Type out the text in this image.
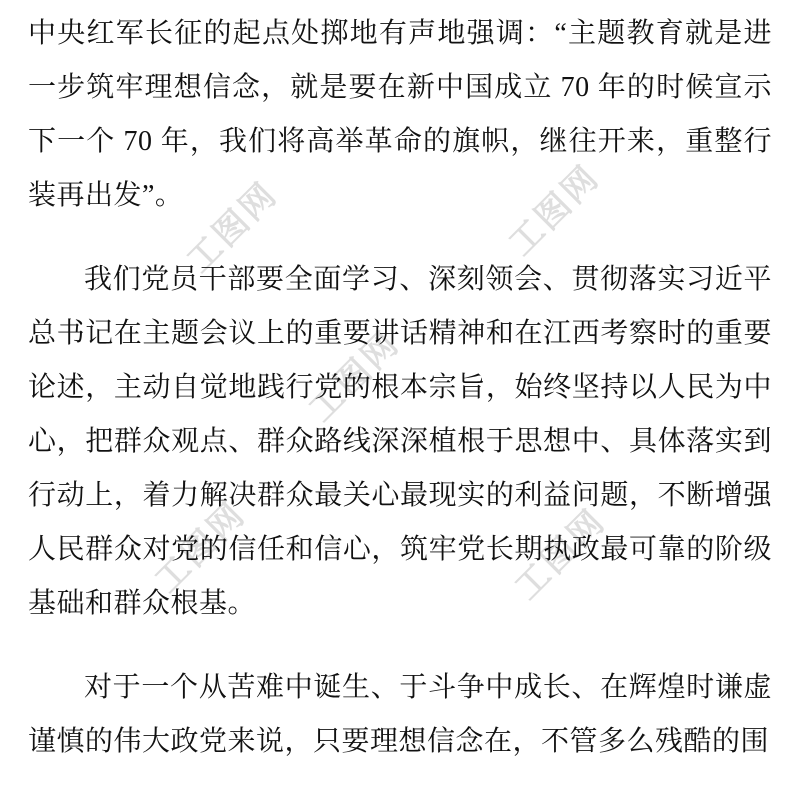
工图网	工图网
工图网
工图网	工图网

中央红军长征的起点处掷地有声地强调：“主题教育就是进一步筑牢理想信念，就是要在新中国成立 70 年的时候宣示下一个 70 年，我们将高举革命的旗帜，继往开来，重整行装再出发”。

我们党员干部要全面学习、深刻领会、贯彻落实习近平总书记在主题会议上的重要讲话精神和在江西考察时的重要论述，主动自觉地践行党的根本宗旨，始终坚持以人民为中心，把群众观点、群众路线深深植根于思想中、具体落实到行动上，着力解决群众最关心最现实的利益问题，不断增强人民群众对党的信任和信心，筑牢党长期执政最可靠的阶级基础和群众根基。

对于一个从苦难中诞生、于斗争中成长、在辉煌时谦虚谨慎的伟大政党来说，只要理想信念在，不管多么残酷的围
